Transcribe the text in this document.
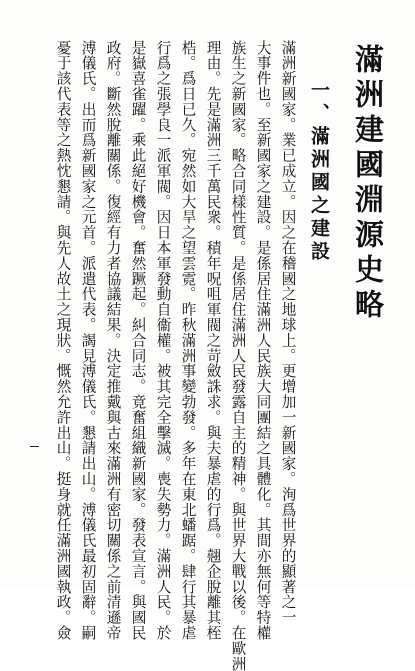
滿洲建國淵源史略
一、滿洲國之建設
滿洲新國家。業已成立。因之在稽國之地球上。更增加一新國家。洵爲世界的顯著之一
大事件也。至新國家之建設。是係居住滿洲人民族大同團結之具體化。其間亦無何等特權
族生之新國家。略合同樣性質。是係居住滿洲人民發露自主的精神。與世界大戰以後。在歐洲
理由。先是滿洲三千萬民衆。積年呪咀軍閥之苛斂誅求。與夫暴虐的行爲。翹企脫離其桎
梏。爲日已久。宛然如大旱之望雲霓。昨秋滿洲事變勃發。多年在東北蟠踞。肆行其暴虐
行爲之張學良一派軍閥。因日本軍發動自衞權。被其完全擊滅。喪失勢力。滿洲人民。於
是嶽喜雀躍。乘此絕好機會。奮然蹶起。糾合同志。竟奮組織新國家。發表宣言。與國民
政府。斷然脫離關係。復經有力者協議結果。決定推戴與古來滿洲有密切關係之前清遜帝
溥儀氏。出而爲新國家之元首。派遣代表。謁見溥儀氏。懇請出山。溥儀氏最初固辭。嗣
憂于該代表等之熱忱懇請。與先人故土之現狀。慨然允許出山。挺身就任滿洲國執政。僉
